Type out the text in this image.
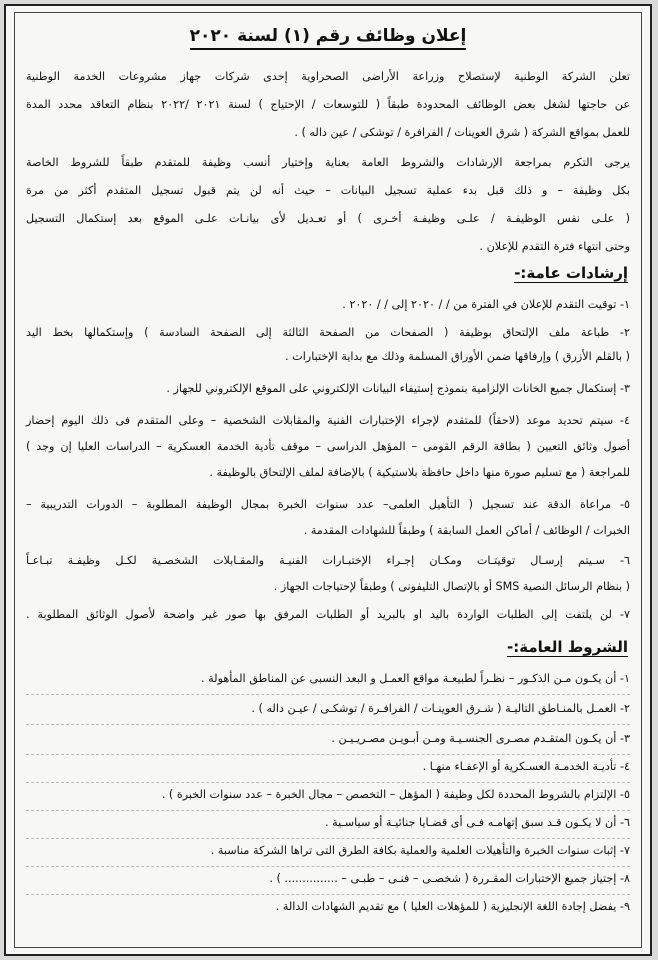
إعلان وظائف رقم (١) لسنة ٢٠٢٠
تعلن الشركة الوطنية لإستصلاح وزراعة الأراضى الصحراوية إحدى شركات جهاز مشروعات الخدمة الوطنية
عن حاجتها لشغل بعض الوظائف المحدودة طبقاً ( للتوسعات / الإحتياج ) لسنة ٢٠٢١ /٢٠٢٢ بنظام التعاقد محدد المدة
للعمل بمواقع الشركة ( شرق العوينات / الفرافرة / توشكى / عين داله ) .
يرجى التكرم بمراجعة الإرشادات والشروط العامة بعناية وإختيار أنسب وظيفة للمتقدم طبقاً للشروط الخاصة
بكل وظيفة – و ذلك قبل بدء عملية تسجيل البيانات – حيث أنه لن يتم قبول تسجيل المتقدم أكثر من مرة
( علـى نفس الوظيفـة / علـى وظيفـة أخـرى ) أو تعـديل لأى بيانـات علـى الموقع بعد إستكمال التسجيل
وحتى انتهاء فترة التقدم للإعلان .
إرشادات عامة:-
١- توقيت التقدم للإعلان في الفترة من / / ٢٠٢٠ إلى / / ٢٠٢٠ .
٢- طباعة ملف الإلتحاق بوظيفة ( الصفحات من الصفحة الثالثة إلى الصفحة السادسة ) وإستكمالها بخط اليد
( بالقلم الأزرق ) وإرفاقها ضمن الأوراق المسلمة وذلك مع بداية الإختبارات .
٣- إستكمال جميع الخانات الإلزامية بنموذج إستيفاء البيانات الإلكتروني على الموقع الإلكتروني للجهاز .
٤- سيتم تحديد موعد (لاحقاً) للمتقدم لإجراء الإختبارات الفنية والمقابلات الشخصية – وعلى المتقدم فى ذلك اليوم إحضار
أصول وثائق التعيين ( بطاقة الرقم القومى – المؤهل الدراسى – موقف تأدية الخدمة العسكرية – الدراسات العليا إن وجد )
للمراجعة ( مع تسليم صورة منها داخل حافظة بلاستيكية ) بالإضافة لملف الإلتحاق بالوظيفة .
٥- مراعاة الدقة عند تسجيل ( التأهيل العلمى– عدد سنوات الخبرة بمجال الوظيفة المطلوبة – الدورات التدريبية –
الخبرات / الوظائف / أماكن العمل السابقة ) وطبقاً للشهادات المقدمة .
٦- سـيتم إرسـال توقيتـات ومكـان إجـراء الإختبـارات الفنيـة والمقـابلات الشخصـية لكـل وظيفـة تبـاعـاً
( بنظام الرسائل النصية SMS أو بالإتصال التليفونى ) وطبقاً لإحتياجات الجهاز .
٧- لن يلتفت إلى الطلبات الواردة باليد او بالبريد أو الطلبات المرفق بها صور غير واضحة لأصول الوثائق المطلوبة .
الشروط العامة:-
١- أن يكـون مـن الذكـور – نظـراً لطبيعـة مواقع العمـل و البعد النسبى عن المناطق المأهولة .
٢- العمـل بالمنـاطق التاليـة ( شـرق العوينـات / الفرافـرة / توشكـى / عيـن داله ) .
٣- أن يكـون المتقـدم مصـرى الجنسـيـة ومـن أبـويـن مصـريـيـن .
٤- تأديـة الخدمـة العسـكرية أو الإعفـاء منهـا .
٥- الإلتزام بالشروط المحددة لكل وظيفة ( المؤهل – التخصص – مجال الخبرة – عدد سنوات الخبرة ) .
٦- أن لا يكـون قـد سبق إتهامـه فـى أى قضـايا جنائيـة أو سياسـية .
٧- إثبات سنوات الخبرة والتأهيلات العلمية والعملية بكافة الطرق التى تراها الشركة مناسبة .
٨- إجتياز جميع الإختبارات المقـررة ( شخصـى – فنـى – طبـى – ............... ) .
٩- يفضل إجادة اللغة الإنجليزية ( للمؤهلات العليا ) مع تقديم الشهادات الدالة .
